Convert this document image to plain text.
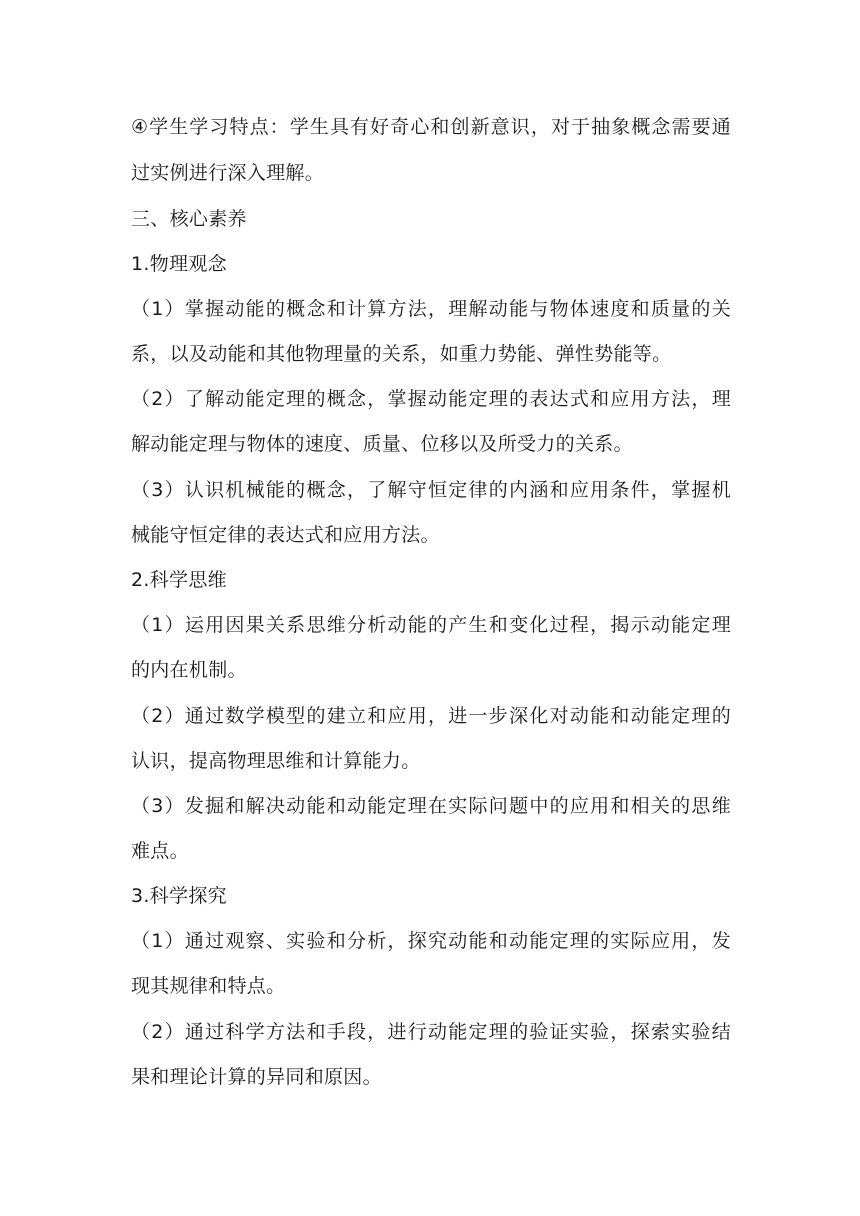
④学生学习特点：学生具有好奇心和创新意识，对于抽象概念需要通
过实例进行深入理解。
三、核心素养
1.物理观念
（1）掌握动能的概念和计算方法，理解动能与物体速度和质量的关
系，以及动能和其他物理量的关系，如重力势能、弹性势能等。
（2）了解动能定理的概念，掌握动能定理的表达式和应用方法，理
解动能定理与物体的速度、质量、位移以及所受力的关系。
（3）认识机械能的概念，了解守恒定律的内涵和应用条件，掌握机
械能守恒定律的表达式和应用方法。
2.科学思维
（1）运用因果关系思维分析动能的产生和变化过程，揭示动能定理
的内在机制。
（2）通过数学模型的建立和应用，进一步深化对动能和动能定理的
认识，提高物理思维和计算能力。
（3）发掘和解决动能和动能定理在实际问题中的应用和相关的思维
难点。
3.科学探究
（1）通过观察、实验和分析，探究动能和动能定理的实际应用，发
现其规律和特点。
（2）通过科学方法和手段，进行动能定理的验证实验，探索实验结
果和理论计算的异同和原因。
